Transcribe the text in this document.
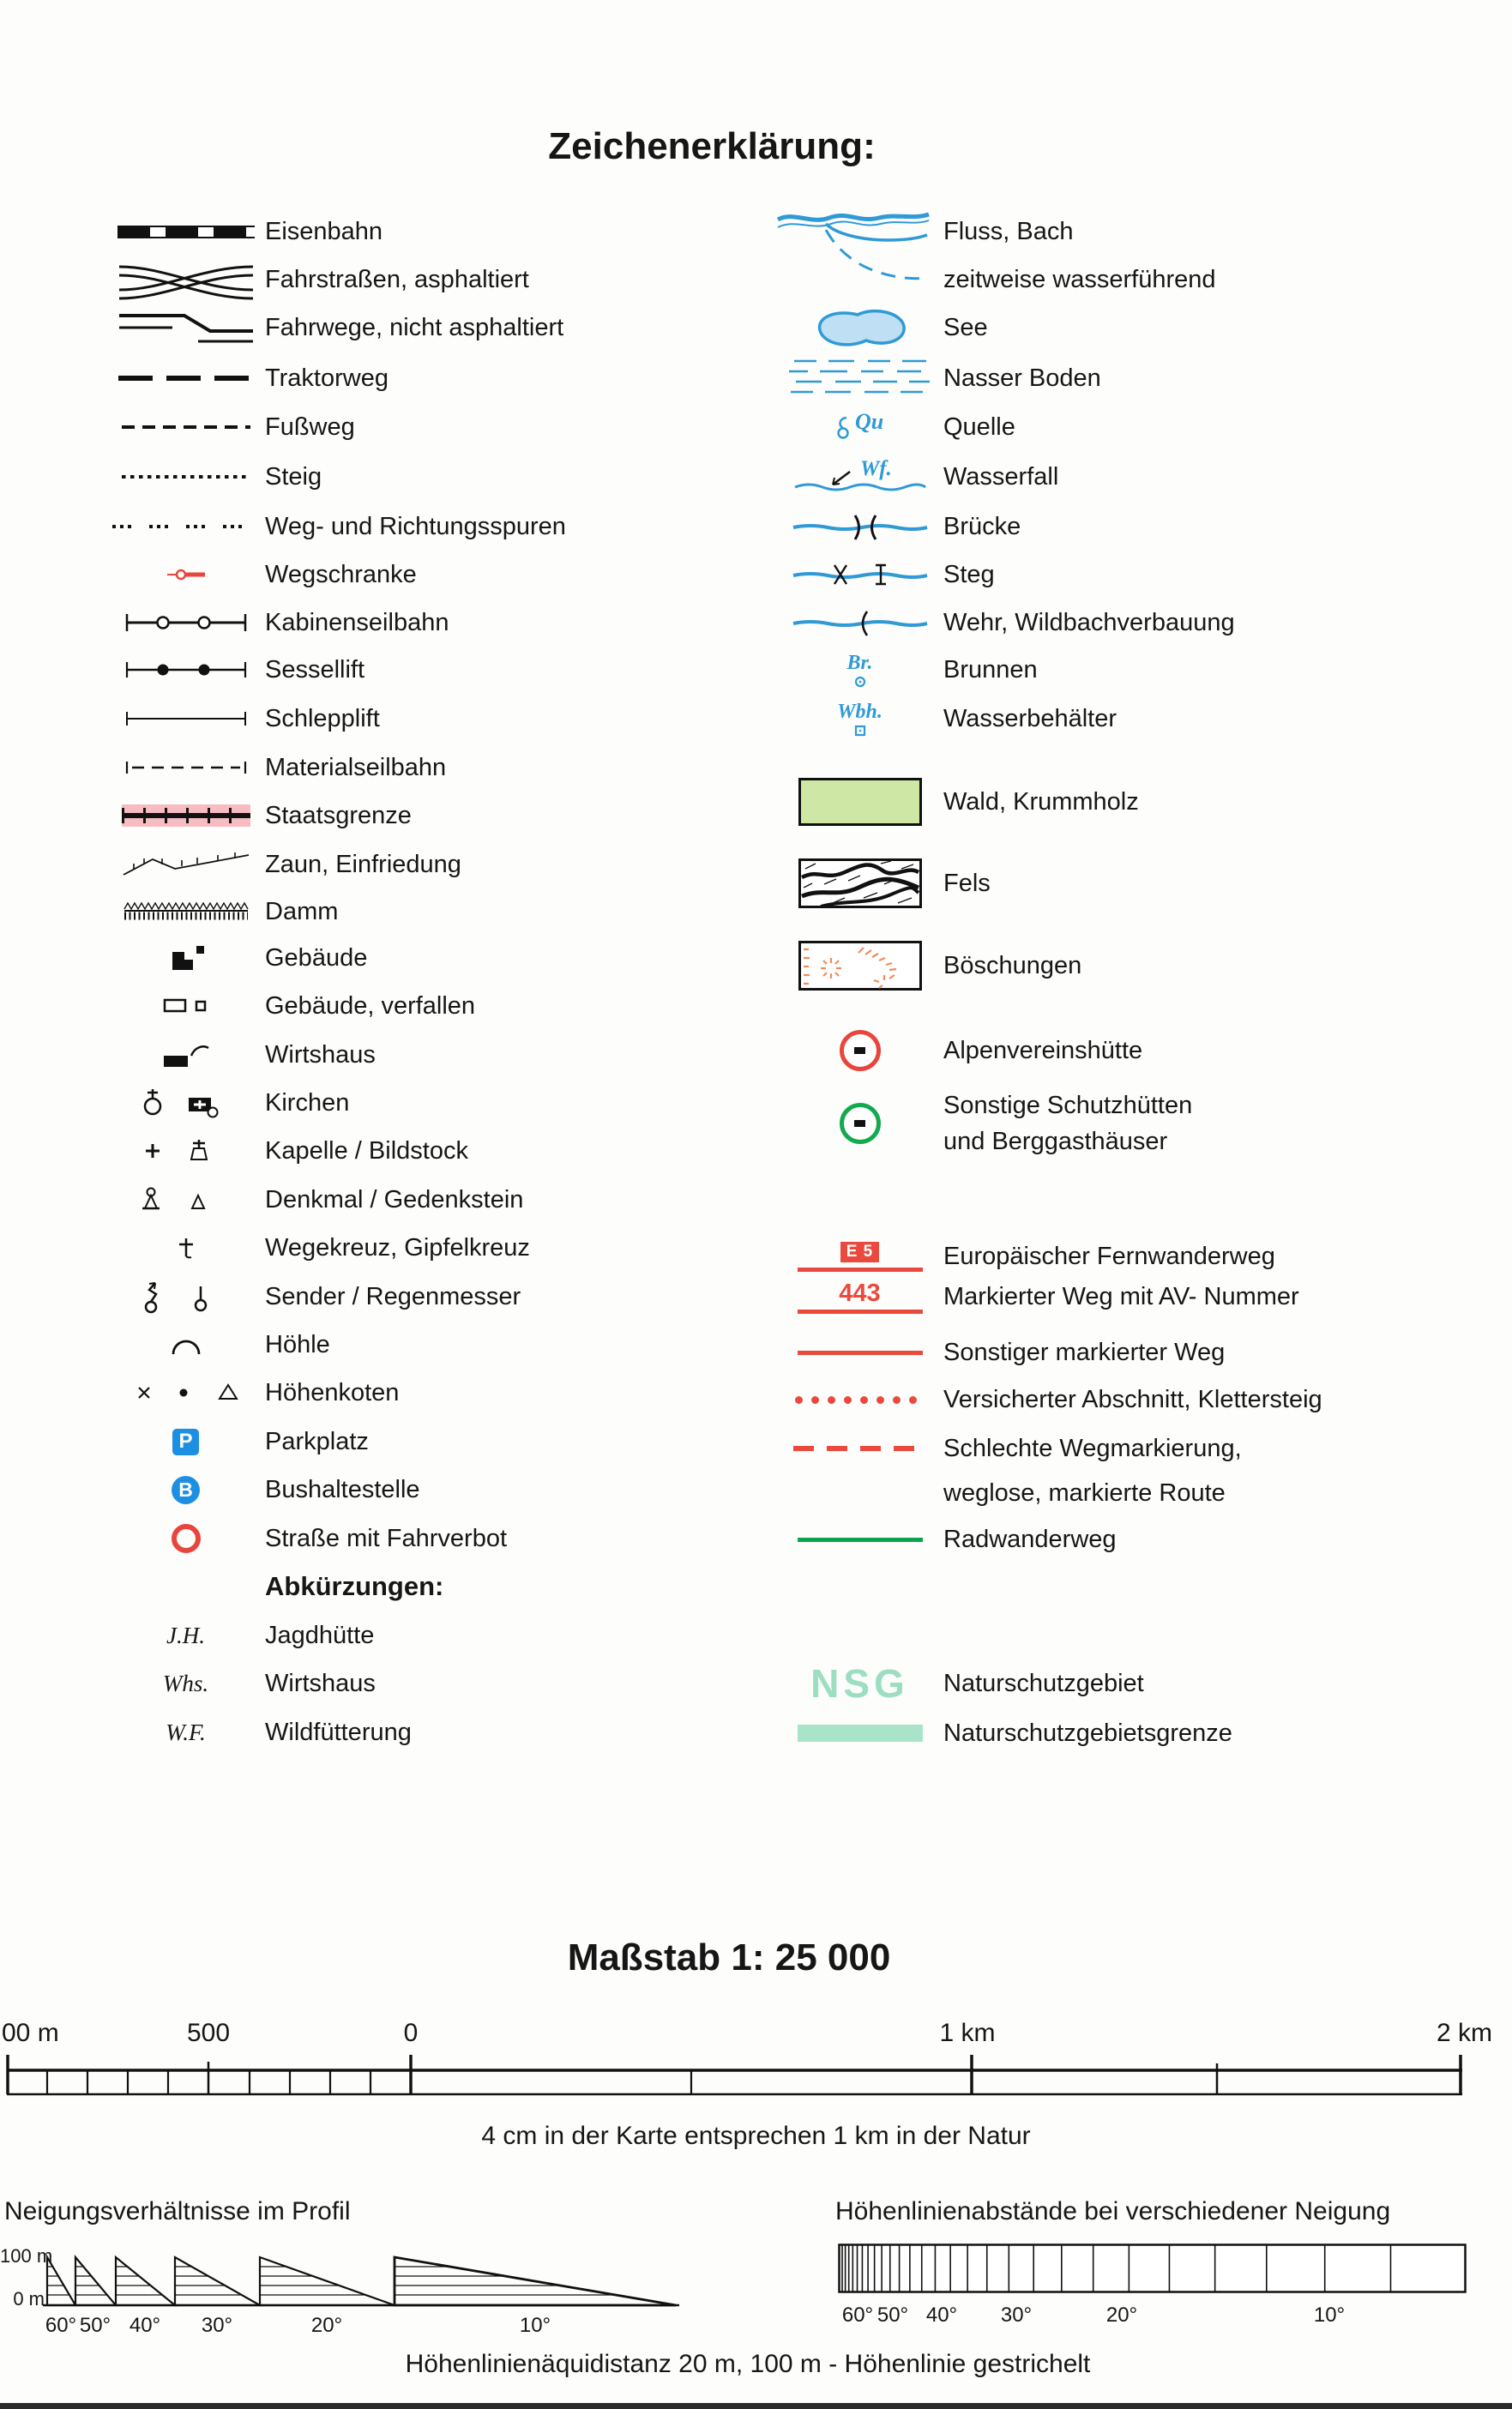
Zeichenerklärung:
Eisenbahn
Fahrstraßen, asphaltiert
Fahrwege, nicht asphaltiert
Traktorweg
Fußweg
Steig
Weg- und Richtungsspuren
Wegschranke
Kabinenseilbahn
Sessellift
Schlepplift
Materialseilbahn
Staatsgrenze
Zaun, Einfriedung
Damm
Gebäude
Gebäude, verfallen
Wirtshaus
Kirchen
Kapelle / Bildstock
Denkmal / Gedenkstein
Wegekreuz, Gipfelkreuz
Sender / Regenmesser
Höhle
Höhenkoten
P	Parkplatz
B	Bushaltestelle
Straße mit Fahrverbot
Abkürzungen:
J.H. Jagdhütte
Whs. Wirtshaus
W.F. Wildfütterung
Fluss, Bach
zeitweise wasserführend
See
Nasser Boden
Qu Quelle
Wf. Wasserfall
Brücke
Steg
Wehr, Wildbachverbauung
Br.	Brunnen
Wbh. Wasserbehälter
Wald, Krummholz
Fels
Böschungen
Alpenvereinshütte
Sonstige Schutzhütten
und Berggasthäuser
E 5	Europäischer Fernwanderweg
443	Markierter Weg mit AV- Nummer
Sonstiger markierter Weg
Versicherter Abschnitt, Klettersteig
Schlechte Wegmarkierung,
weglose, markierte Route
Radwanderweg
NSG Naturschutzgebiet
Naturschutzgebietsgrenze
Maßstab 1: 25 000
00 m	500	0	1 km	2 km
4 cm in der Karte entsprechen 1 km in der Natur
Neigungsverhältnisse im Profil
100 m
0 m
60° 50° 40°	30°	20°	10°
Höhenlinienabstände bei verschiedener Neigung
60° 50° 40°	30°	20°	10°
Höhenlinienäquidistanz 20 m, 100 m - Höhenlinie gestrichelt
